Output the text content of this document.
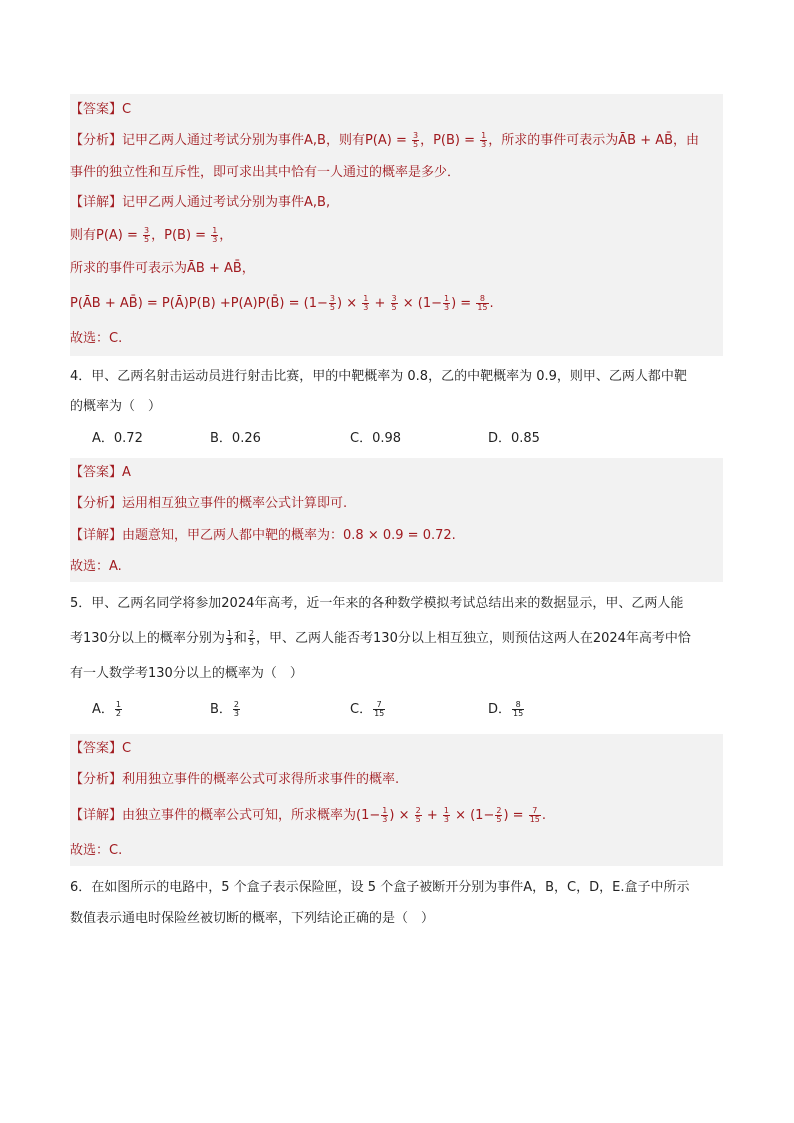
【答案】C
【分析】记甲乙两人通过考试分别为事件A,B，则有$P(A) = \frac{3}{5}$ ，$P(B) = \frac{1}{3}$ ，所求的事件可表示为ĀB + AB̄，由
事件的独立性和互斥性，即可求出其中恰有一人通过的概率是多少．
【详解】记甲乙两人通过考试分别为事件A,B,
则有$P(A) = \frac{3}{5}$ ，$P(B) = \frac{1}{3}$ ，
所求的事件可表示为ĀB + AB̄，
P(ĀB + AB̄) = P(Ā)P(B) +P(A)P(B̄) = ($1- \frac{3}{5}$ ) × $\frac{1}{3} + \frac{3}{5} \times (1- \frac{1}{3}$ ) = $\frac{8}{15}$ .
故选：C.
4．甲、乙两名射击运动员进行射击比赛，甲的中靶概率为 0.8，乙的中靶概率为 0.9，则甲、乙两人都中靶
的概率为（　）
A．0.72	B．0.26	C．0.98	D．0.85
【答案】A
【分析】运用相互独立事件的概率公式计算即可.
【详解】由题意知，甲乙两人都中靶的概率为：0.8 × 0.9 = 0.72.
故选：A.
5．甲、乙两名同学将参加2024年高考，近一年来的各种数学模拟考试总结出来的数据显示，甲、乙两人能
考130分以上的概率分别为 $\frac{1}{3}$ 和 $\frac{2}{5}$ ，甲、乙两人能否考130分以上相互独立，则预估这两人在2024年高考中恰
有一人数学考130分以上的概率为（　）
A． $\frac{1}{2}$	B． $\frac{2}{3}$	C． $\frac{7}{15}$	D． $\frac{8}{15}$
【答案】C
【分析】利用独立事件的概率公式可求得所求事件的概率.
【详解】由独立事件的概率公式可知，所求概率为($1- \frac{1}{3}$ ) × $\frac{2}{5} + \frac{1}{3} \times (1- \frac{2}{5}$ ) = $\frac{7}{15}$ .
故选：C.
6．在如图所示的电路中，5 个盒子表示保险匣，设 5 个盒子被断开分别为事件A，B，C，D，E.盒子中所示
数值表示通电时保险丝被切断的概率，下列结论正确的是（　）
